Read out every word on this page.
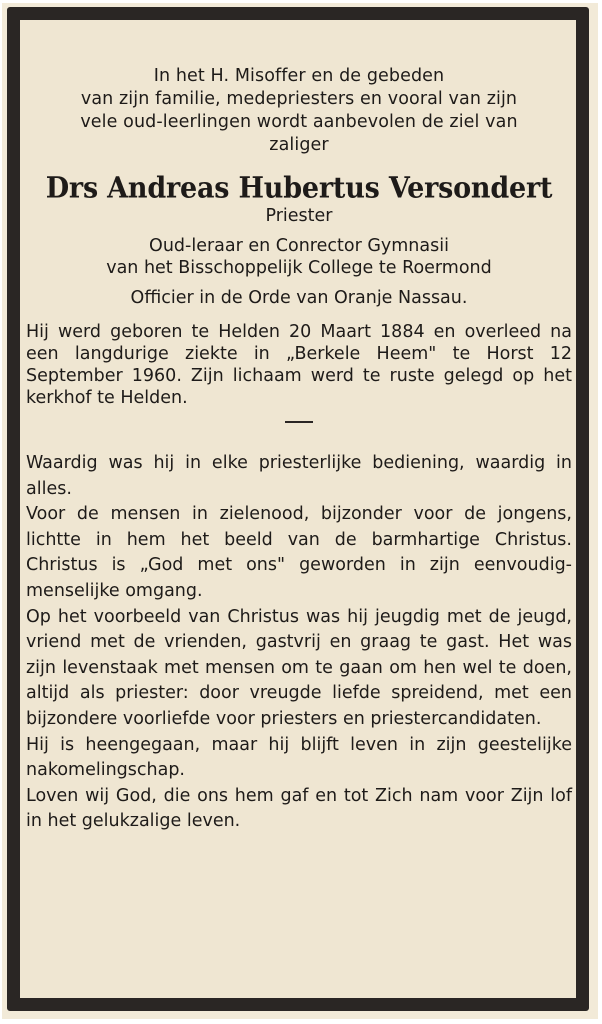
In het H. Misoffer en de gebeden
van zijn familie, medepriesters en vooral van zijn
vele oud-leerlingen wordt aanbevolen de ziel van
zaliger
Drs Andreas Hubertus Versondert
Priester
Oud-leraar en Conrector Gymnasii
van het Bisschoppelijk College te Roermond
Officier in de Orde van Oranje Nassau.
Hij werd geboren te Helden 20 Maart 1884 en overleed na een langdurige ziekte in „Berkele Heem" te Horst 12 September 1960. Zijn lichaam werd te ruste gelegd op het kerkhof te Helden.
Waardig was hij in elke priesterlijke bediening, waardig in alles.
Voor de mensen in zielenood, bijzonder voor de jongens, lichtte in hem het beeld van de barmhartige Christus. Christus is „God met ons" geworden in zijn eenvoudig-menselijke omgang.
Op het voorbeeld van Christus was hij jeugdig met de jeugd, vriend met de vrienden, gastvrij en graag te gast. Het was zijn levenstaak met mensen om te gaan om hen wel te doen, altijd als priester: door vreugde liefde spreidend, met een bijzondere voorliefde voor priesters en priestercandidaten.
Hij is heengegaan, maar hij blijft leven in zijn geestelijke nakomelingschap.
Loven wij God, die ons hem gaf en tot Zich nam voor Zijn lof in het gelukzalige leven.
